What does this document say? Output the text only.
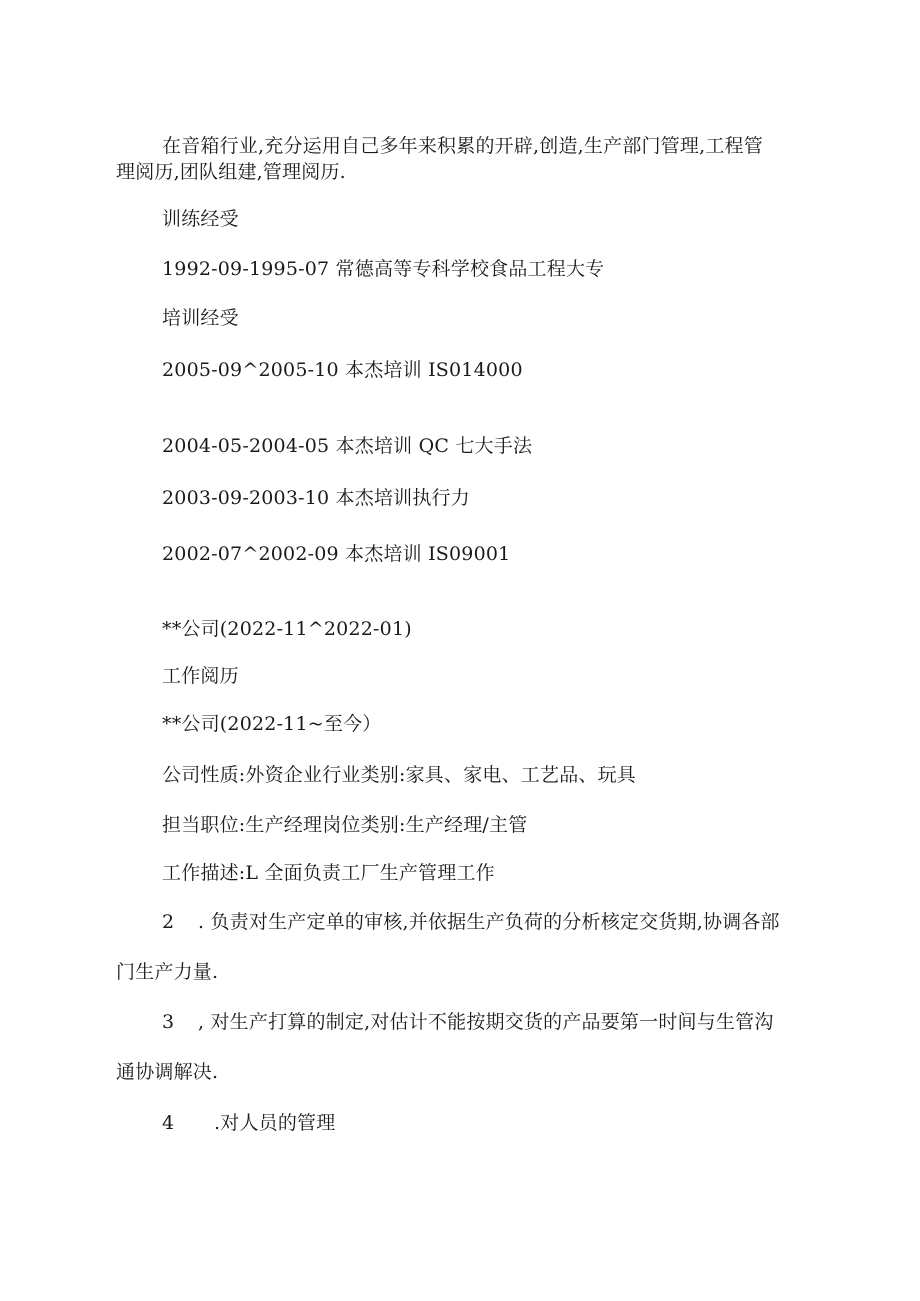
在音箱行业,充分运用自己多年来积累的开辟,创造,生产部门管理,工程管
理阅历,团队组建,管理阅历.
训练经受
1992-09-1995-07 常德高等专科学校食品工程大专
培训经受
2005-09^2005-10 本杰培训 IS014000
2004-05-2004-05 本杰培训 QC 七大手法
2003-09-2003-10 本杰培训执行力
2002-07^2002-09 本杰培训 IS09001
**公司(2022-11^2022-01)
工作阅历
**公司(2022-11~至今）
公司性质:外资企业行业类别:家具、家电、工艺品、玩具
担当职位:生产经理岗位类别:生产经理/主管
工作描述:L 全面负责工厂生产管理工作
2 . 负责对生产定单的审核,并依据生产负荷的分析核定交货期,协调各部
门生产力量.
3 , 对生产打算的制定,对估计不能按期交货的产品要第一时间与生管沟
通协调解决.
4 .对人员的管理
